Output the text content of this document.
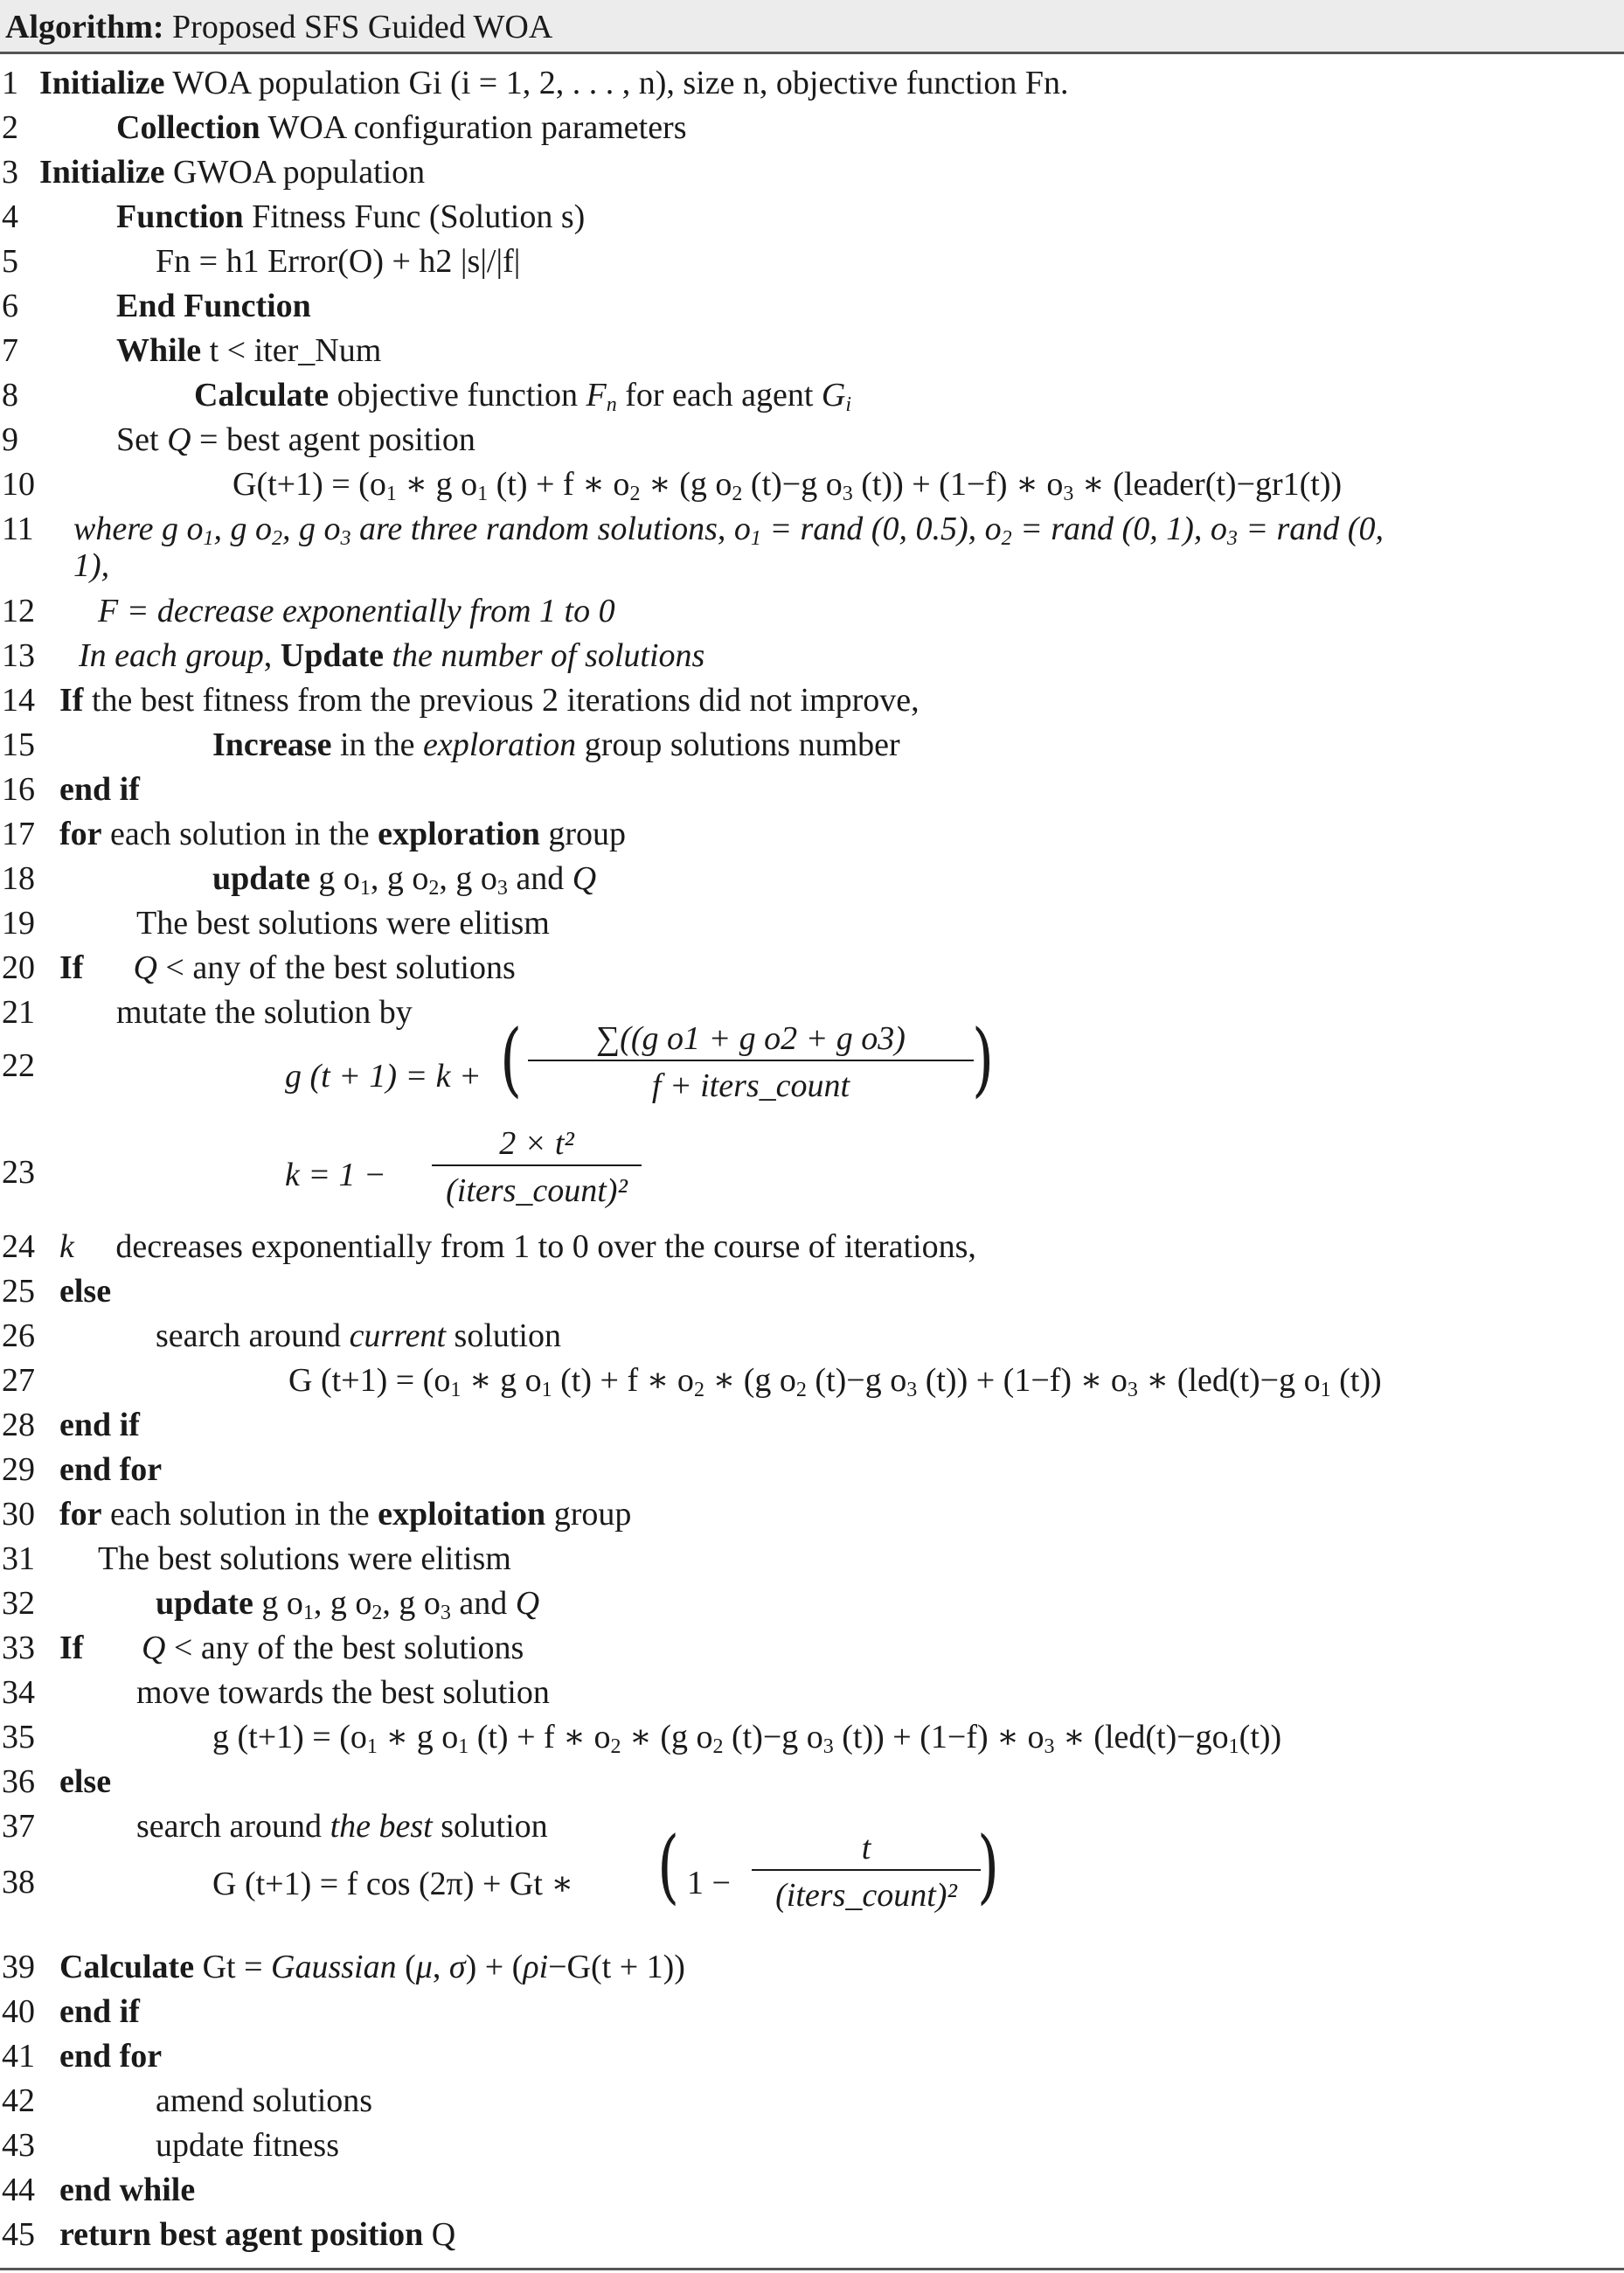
Algorithm: Proposed SFS Guided WOA
1 Initialize WOA population Gi (i = 1, 2, . . . , n), size n, objective function Fn.
2	Collection WOA configuration parameters
3 Initialize GWOA population
4	Function Fitness Func (Solution s)
5	Fn = h1 Error(O) + h2 |s|/|f|
6	End Function
7	While t < iter_Num
8	Calculate objective function $F_n$ for each agent $G_i$
9	Set Q = best agent position
10	$G(t+1) = (o_1$ ∗ g $o_1$ (t) + f ∗ $o_2$ ∗ (g $o_2$ (t)−g $o_3$ (t)) + (1−f) ∗ $o_3$ ∗ (leader(t)−gr1(t))
11 where g $o_1$, g $o_2$, g $o_3$ are three random solutions, $o_1$ = rand (0, 0.5), $o_2$ = rand (0, 1), $o_3$ = rand (0,
1),
12 F = decrease exponentially from 1 to 0
13 In each group, Update the number of solutions
14 If the best fitness from the previous 2 iterations did not improve,
15	Increase in the exploration group solutions number
16 end if
17 for each solution in the exploration group
18	update g $o_1$, g $o_2$, g $o_3$ and Q
19	The best solutions were elitism
20 If Q < any of the best solutions
21 mutate the solution by
22
23
24 k     decreases exponentially from 1 to 0 over the course of iterations,
25 else
26	search around current solution
27	G $(t+1) = (o_1$ ∗ g $o_1$ (t) + f ∗ $o_2$ ∗ (g $o_2$ (t)−g $o_3$ (t)) + (1−f) ∗ $o_3$ ∗ (led(t)−g $o_1$ (t))
28 end if
29 end for
30 for each solution in the exploitation group
31 The best solutions were elitism
32	update g $o_1$, g $o_2$, g $o_3$ and Q
33 If Q < any of the best solutions
34	move towards the best solution
35	g $(t+1) = (o_1$ ∗ g $o_1$ (t) + f ∗ $o_2$ ∗ (g $o_2$ (t)−g $o_3$ (t)) + (1−f) ∗ $o_3$ ∗ $(led(t)-go_1(t))$
36 else
37	search around the best solution
38
39 Calculate Gt = Gaussian (μ, σ) + (ρi−G(t + 1))
40 end if
41 end for
42	amend solutions
43	update fitness
44 end while
45 return best agent position Q
g (t + 1) = k + (	∑((g o1 + g o2 + g o3)
f + iters_count	)
k = 1 −
2 × t²
(iters_count)²
G (t+1) = f cos (2π) + Gt ∗ ( 1 −
t
(iters_count)² )
